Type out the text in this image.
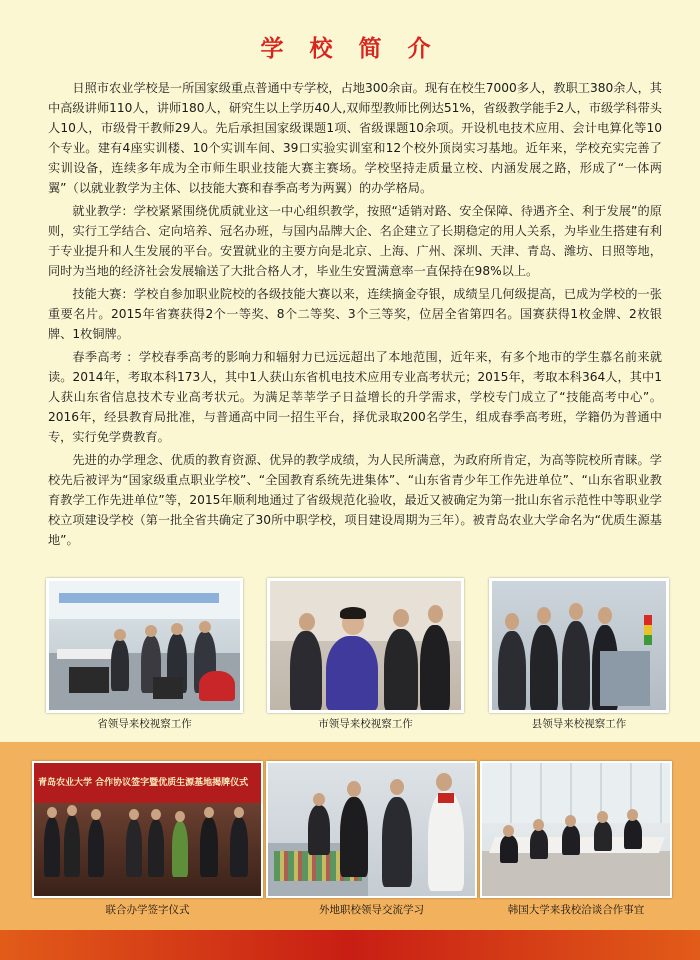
学 校 简 介

日照市农业学校是一所国家级重点普通中专学校，占地300余亩。现有在校生7000多人，教职工380余人，其中高级讲师110人，讲师180人，研究生以上学历40人,双师型教师比例达51%，省级教学能手2人，市级学科带头人10人，市级骨干教师29人。先后承担国家级课题1项、省级课题10余项。开设机电技术应用、会计电算化等10个专业。建有4座实训楼、10个实训车间、39口实验实训室和12个校外顶岗实习基地。近年来，学校充实完善了实训设备，连续多年成为全市师生职业技能大赛主赛场。学校坚持走质量立校、内涵发展之路，形成了“一体两翼”（以就业教学为主体、以技能大赛和春季高考为两翼）的办学格局。

就业教学：学校紧紧围绕优质就业这一中心组织教学，按照“适销对路、安全保障、待遇齐全、利于发展”的原则，实行工学结合、定向培养、冠名办班，与国内品牌大企、名企建立了长期稳定的用人关系，为毕业生搭建有利于专业提升和人生发展的平台。安置就业的主要方向是北京、上海、广州、深圳、天津、青岛、潍坊、日照等地，同时为当地的经济社会发展输送了大批合格人才，毕业生安置满意率一直保持在98%以上。

技能大赛：学校自参加职业院校的各级技能大赛以来，连续摘金夺银，成绩呈几何级提高，已成为学校的一张重要名片。2015年省赛获得2个一等奖、8个二等奖、3个三等奖，位居全省第四名。国赛获得1枚金牌、2枚银牌、1枚铜牌。

春季高考 ：学校春季高考的影响力和辐射力已远远超出了本地范围，近年来，有多个地市的学生慕名前来就读。2014年，考取本科173人，其中1人获山东省机电技术应用专业高考状元；2015年，考取本科364人，其中1人获山东省信息技术专业高考状元。为满足莘莘学子日益增长的升学需求，学校专门成立了“技能高考中心”。2016年，经县教育局批准，与普通高中同一招生平台，择优录取200名学生，组成春季高考班，学籍仍为普通中专，实行免学费教育。

先进的办学理念、优质的教育资源、优异的教学成绩，为人民所满意，为政府所肯定，为高等院校所青睐。学校先后被评为“国家级重点职业学校”、“全国教育系统先进集体”、“山东省青少年工作先进单位”、“山东省职业教育教学工作先进单位”等，2015年顺利地通过了省级规范化验收，最近又被确定为第一批山东省示范性中等职业学校立项建设学校（第一批全省共确定了30所中职学校，项目建设周期为三年）。被青岛农业大学命名为“优质生源基地”。

省领导来校视察工作	市领导来校视察工作	县领导来校视察工作
青岛农业大学 合作协议签字暨优质生源基地揭牌仪式
联合办学签字仪式	外地职校领导交流学习	韩国大学来我校洽谈合作事宜
